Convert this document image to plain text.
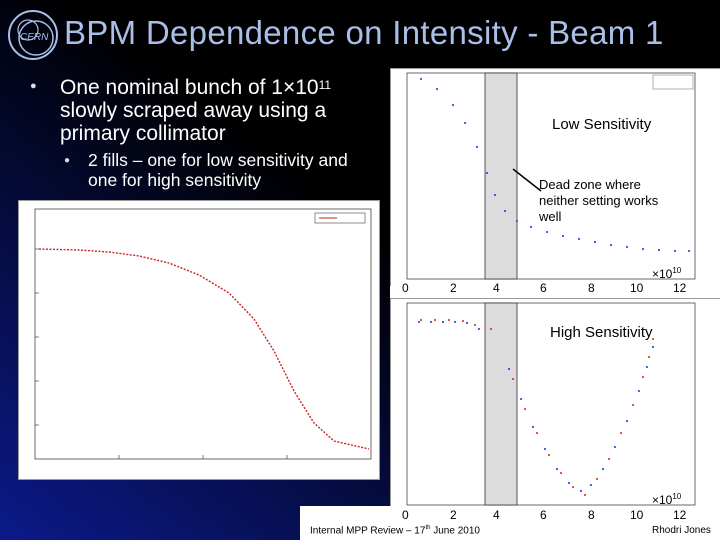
CERN BPM Dependence on Intensity - Beam 1
● One nominal bunch of $1\times 10^{11}$ slowly scraped away using a primary collimator
● 2 fills – one for low sensitivity and one for high sensitivity
Low Sensitivity
Dead zone where neither setting works well
0	2	4	6	8	10 12
$\times 10^{10}$
High Sensitivity
0	2	4	6	8	10 12
$\times 10^{10}$
Internal MPP Review – 17th June 2010	Rhodri Jones
